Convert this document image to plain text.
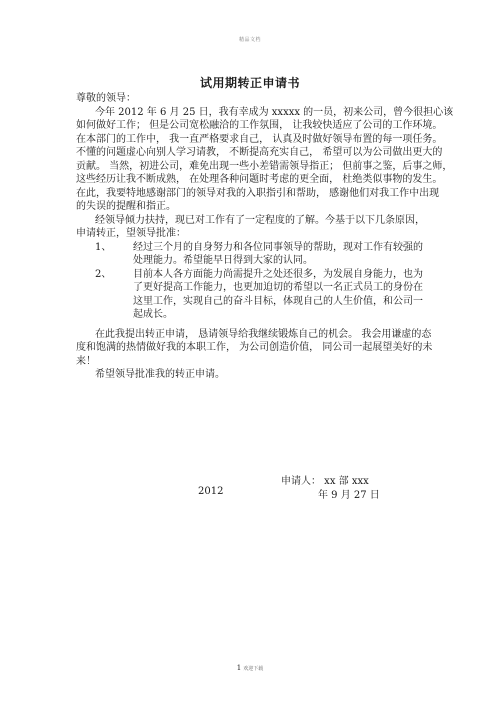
精品文档
试用期转正申请书
尊敬的领导：
今年 2012 年 6 月 25 日，我有幸成为 xxxxx 的一员，初来公司，曾今很担心该
如何做好工作； 但是公司宽松融洽的工作氛围， 让我较快适应了公司的工作环境。
在本部门的工作中， 我一直严格要求自己， 认真及时做好领导布置的每一项任务。
不懂的问题虚心向别人学习请教， 不断提高充实自己， 希望可以为公司做出更大的
贡献。 当然，初进公司，难免出现一些小差错需领导指正； 但前事之鉴，后事之师，
这些经历让我不断成熟， 在处理各种问题时考虑的更全面， 杜绝类似事物的发生。
在此，我要特地感谢部门的领导对我的入职指引和帮助， 感谢他们对我工作中出现
的失误的提醒和指正。
经领导倾力扶持，现已对工作有了一定程度的了解。今基于以下几条原因，
申请转正，望领导批准：
1、 经过三个月的自身努力和各位同事领导的帮助，现对工作有较强的
处理能力。希望能早日得到大家的认同。
2、 目前本人各方面能力尚需提升之处还很多，为发展自身能力，也为
了更好提高工作能力，也更加迫切的希望以一名正式员工的身份在
这里工作，实现自己的奋斗目标，体现自己的人生价值，和公司一
起成长。
在此我提出转正申请， 恳请领导给我继续锻炼自己的机会。 我会用谦虚的态
度和饱满的热情做好我的本职工作， 为公司创造价值， 同公司一起展望美好的未
来！
希望领导批准我的转正申请。
申请人： xx 部 xxx
2012	年 9 月 27 日
1 欢迎下载
